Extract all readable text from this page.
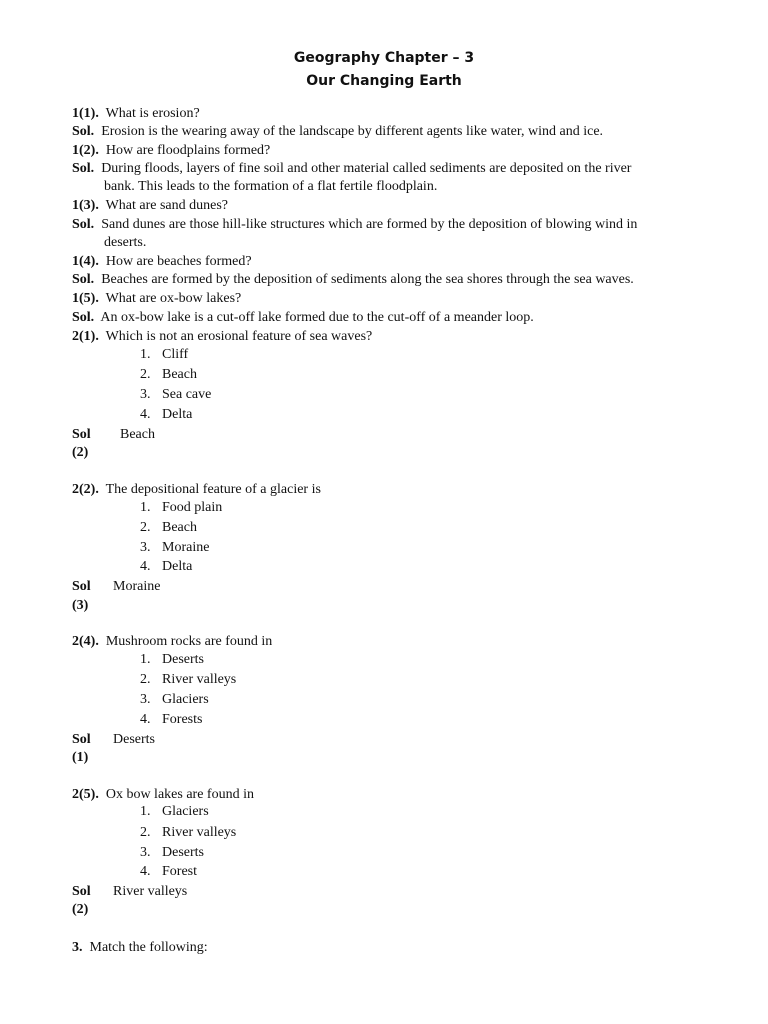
Geography Chapter – 3
Our Changing Earth
1(1). What is erosion?
Sol. Erosion is the wearing away of the landscape by different agents like water, wind and ice.
1(2). How are floodplains formed?
Sol. During floods, layers of fine soil and other material called sediments are deposited on the river
bank. This leads to the formation of a flat fertile floodplain.
1(3). What are sand dunes?
Sol. Sand dunes are those hill-like structures which are formed by the deposition of blowing wind in
deserts.
1(4). How are beaches formed?
Sol. Beaches are formed by the deposition of sediments along the sea shores through the sea waves.
1(5). What are ox-bow lakes?
Sol. An ox-bow lake is a cut-off lake formed due to the cut-off of a meander loop.
2(1). Which is not an erosional feature of sea waves?
1. Cliff
2. Beach
3. Sea cave
4. Delta
Sol Beach
(2)
2(2). The depositional feature of a glacier is
1. Food plain
2. Beach
3. Moraine
4. Delta
Sol Moraine
(3)
2(4). Mushroom rocks are found in
1. Deserts
2. River valleys
3. Glaciers
4. Forests
Sol Deserts
(1)
2(5). Ox bow lakes are found in
1. Glaciers
2. River valleys
3. Deserts
4. Forest
Sol River valleys
(2)
3. Match the following:
